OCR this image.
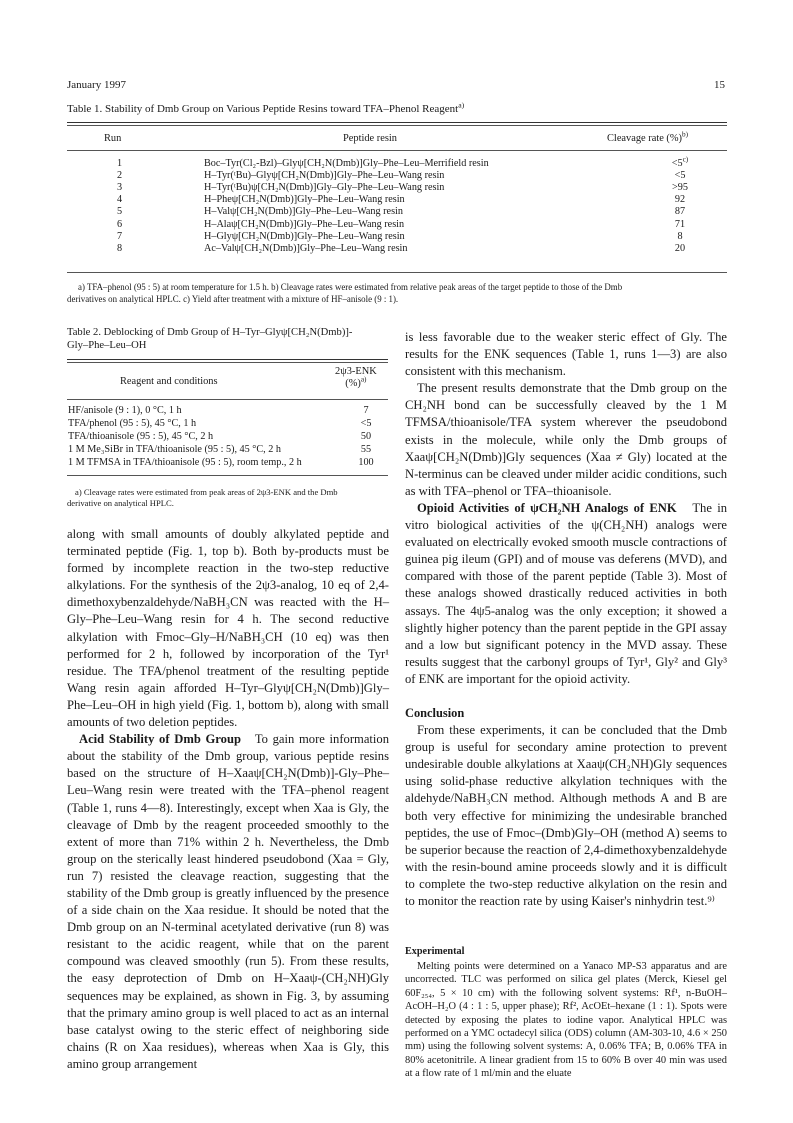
January 1997	15
Table 1. Stability of Dmb Group on Various Peptide Resins toward TFA–Phenol Reagent$^{a)}$
Run	Peptide resin	Cleavage rate (%)$^{b)}$
1	Boc–Tyr(Cl₂-Bzl)–Glyψ[CH₂N(Dmb)]Gly–Phe–Leu–Merrifield resin	$<5^{c)}$
2	H–Tyr(ᵗBu)–Glyψ[CH₂N(Dmb)]Gly–Phe–Leu–Wang resin	<5
3	H–Tyr(ᵗBu)ψ[CH₂N(Dmb)]Gly–Gly–Phe–Leu–Wang resin	>95
4	H–Pheψ[CH₂N(Dmb)]Gly–Phe–Leu–Wang resin	92
5	H–Valψ[CH₂N(Dmb)]Gly–Phe–Leu–Wang resin	87
6	H–Alaψ[CH₂N(Dmb)]Gly–Phe–Leu–Wang resin	71
7	H–Glyψ[CH₂N(Dmb)]Gly–Phe–Leu–Wang resin	8
8	Ac–Valψ[CH₂N(Dmb)]Gly–Phe–Leu–Wang resin	20
a) TFA–phenol (95 : 5) at room temperature for 1.5 h. b) Cleavage rates were estimated from relative peak areas of the target peptide to those of the Dmb
derivatives on analytical HPLC. c) Yield after treatment with a mixture of HF–anisole (9 : 1).
Table 2. Deblocking of Dmb Group of H–Tyr–Glyψ[CH₂N(Dmb)]-
Gly–Phe–Leu–OH
Reagent and conditions
2ψ3-ENK
(%)$^{a)}$
HF/anisole (9 : 1), 0 °C, 1 h	7
TFA/phenol (95 : 5), 45 °C, 1 h	<5
TFA/thioanisole (95 : 5), 45 °C, 2 h	50
1 M Me₃SiBr in TFA/thioanisole (95 : 5), 45 °C, 2 h	55
1 M TFMSA in TFA/thioanisole (95 : 5), room temp., 2 h	100
a) Cleavage rates were estimated from peak areas of 2ψ3-ENK and the Dmb
derivative on analytical HPLC.

along with small amounts of doubly alkylated peptide and terminated peptide (Fig. 1, top b). Both by-products must be formed by incomplete reaction in the two-step reductive alkylations. For the synthesis of the 2ψ3-analog, 10 eq of 2,4-dimethoxybenzaldehyde/NaBH₃CN was reacted with the H–Gly–Phe–Leu–Wang resin for 4 h. The second reductive alkylation with Fmoc–Gly–H/NaBH₃CH (10 eq) was then performed for 2 h, followed by incorporation of the Tyr¹ residue. The TFA/phenol treatment of the resulting peptide Wang resin again afforded H–Tyr–Glyψ[CH₂N(Dmb)]Gly–Phe–Leu–OH in high yield (Fig. 1, bottom b), along with small amounts of two deletion peptides.

Acid Stability of Dmb Group To gain more information about the stability of the Dmb group, various peptide resins based on the structure of H–Xaaψ[CH₂N(Dmb)]-Gly–Phe–Leu–Wang resin were treated with the TFA–phenol reagent (Table 1, runs 4—8). Interestingly, except when Xaa is Gly, the cleavage of Dmb by the reagent proceeded smoothly to the extent of more than 71% within 2 h. Nevertheless, the Dmb group on the sterically least hindered pseudobond (Xaa = Gly, run 7) resisted the cleavage reaction, suggesting that the stability of the Dmb group is greatly influenced by the presence of a side chain on the Xaa residue. It should be noted that the Dmb group on an N-terminal acetylated derivative (run 8) was resistant to the acidic reagent, while that on the parent compound was cleaved smoothly (run 5). From these results, the easy deprotection of Dmb on H–Xaaψ-(CH₂NH)Gly sequences may be explained, as shown in Fig. 3, by assuming that the primary amino group is well placed to act as an internal base catalyst owing to the steric effect of neighboring side chains (R on Xaa residues), whereas when Xaa is Gly, this amino group arrangement

is less favorable due to the weaker steric effect of Gly. The results for the ENK sequences (Table 1, runs 1—3) are also consistent with this mechanism.

The present results demonstrate that the Dmb group on the CH₂NH bond can be successfully cleaved by the 1 M TFMSA/thioanisole/TFA system wherever the pseudobond exists in the molecule, while only the Dmb groups of Xaaψ[CH₂N(Dmb)]Gly sequences (Xaa ≠ Gly) located at the N-terminus can be cleaved under milder acidic conditions, such as with TFA–phenol or TFA–thioanisole.

Opioid Activities of ψCH₂NH Analogs of ENK The in vitro biological activities of the ψ(CH₂NH) analogs were evaluated on electrically evoked smooth muscle contractions of guinea pig ileum (GPI) and of mouse vas deferens (MVD), and compared with those of the parent peptide (Table 3). Most of these analogs showed drastically reduced activities in both assays. The 4ψ5-analog was the only exception; it showed a slightly higher potency than the parent peptide in the GPI assay and a low but significant potency in the MVD assay. These results suggest that the carbonyl groups of Tyr¹, Gly² and Gly³ of ENK are important for the opioid activity.

Conclusion

From these experiments, it can be concluded that the Dmb group is useful for secondary amine protection to prevent undesirable double alkylations at Xaaψ(CH₂NH)Gly sequences using solid-phase reductive alkylation techniques with the aldehyde/NaBH₃CN method. Although methods A and B are both very effective for minimizing the undesirable branched peptides, the use of Fmoc–(Dmb)Gly–OH (method A) seems to be superior because the reaction of 2,4-dimethoxybenzaldehyde with the resin-bound amine proceeds slowly and it is difficult to complete the two-step reductive alkylation on the resin and to monitor the reaction rate by using Kaiser's ninhydrin test.⁹⁾

Experimental
Melting points were determined on a Yanaco MP-S3 apparatus and are uncorrected. TLC was performed on silica gel plates (Merck, Kiesel gel 60F₂₅₄, 5 × 10 cm) with the following solvent systems: Rf¹, n-BuOH–AcOH–H₂O (4 : 1 : 5, upper phase); Rf², AcOEt–hexane (1 : 1). Spots were detected by exposing the plates to iodine vapor. Analytical HPLC was performed on a YMC octadecyl silica (ODS) column (AM-303-10, 4.6 × 250 mm) using the following solvent systems: A, 0.06% TFA; B, 0.06% TFA in 80% acetonitrile. A linear gradient from 15 to 60% B over 40 min was used at a flow rate of 1 ml/min and the eluate
